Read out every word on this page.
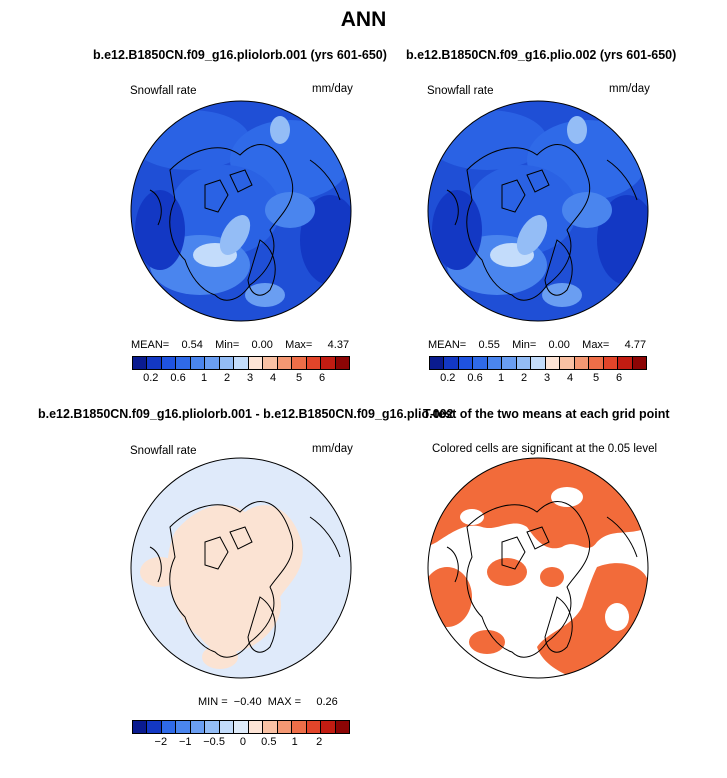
ANN
b.e12.B1850CN.f09_g16.pliolorb.001 (yrs 601-650) b.e12.B1850CN.f09_g16.plio.002 (yrs 601-650)
b.e12.B1850CN.f09_g16.pliolorb.001 - b.e12.B1850CN.f09_g16.plio.002
T-test of the two means at each grid point
Snowfall rate	mm/day	Snowfall rate	mm/day
Snowfall rate	mm/day	Colored cells are significant at the 0.05 level
MEAN= 0.54 Min= 0.00 Max= 4.37	MEAN= 0.55 Min= 0.00 Max= 4.77
MIN = −0.40 MAX = 0.26
0.2 0.6 1 2 3 4 5 6	0.2 0.6 1 2 3 4 5 6
−2 −1 −0.5 0 0.5 1 2
